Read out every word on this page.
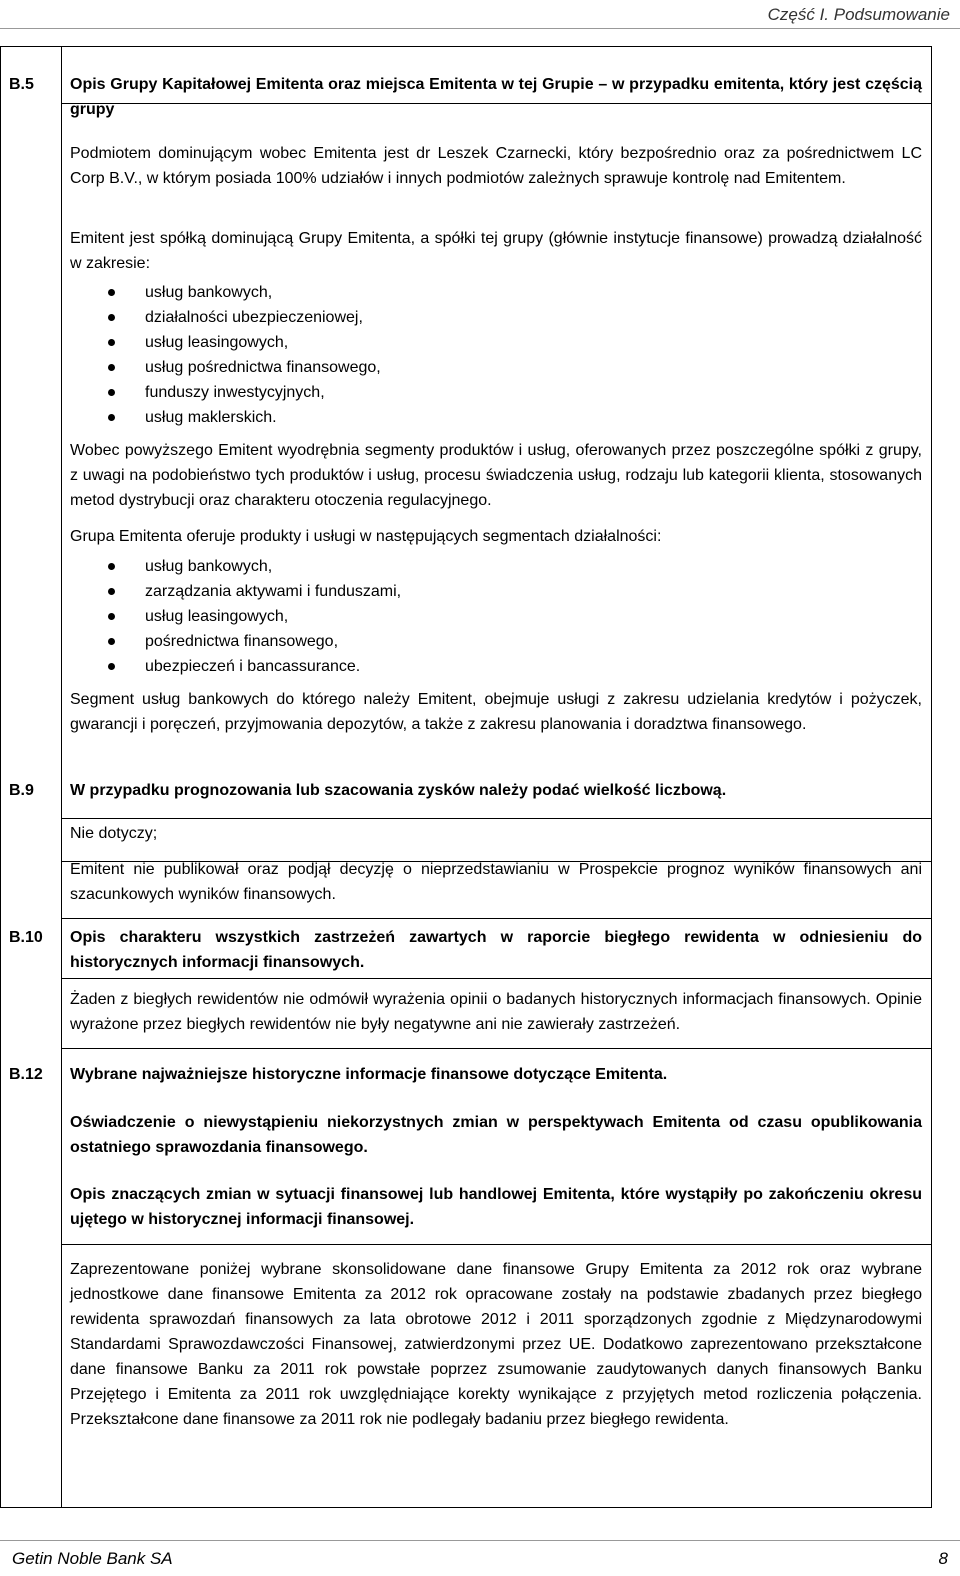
Część I. Podsumowanie
B.5 Opis Grupy Kapitałowej Emitenta oraz miejsca Emitenta w tej Grupie – w przypadku emitenta, który jest częścią grupy
Podmiotem dominującym wobec Emitenta jest dr Leszek Czarnecki, który bezpośrednio oraz za pośrednictwem LC Corp B.V., w którym posiada 100% udziałów i innych podmiotów zależnych sprawuje kontrolę nad Emitentem.
Emitent jest spółką dominującą Grupy Emitenta, a spółki tej grupy (głównie instytucje finansowe) prowadzą działalność w zakresie:
usług bankowych,
działalności ubezpieczeniowej,
usług leasingowych,
usług pośrednictwa finansowego,
funduszy inwestycyjnych,
usług maklerskich.
Wobec powyższego Emitent wyodrębnia segmenty produktów i usług, oferowanych przez poszczególne spółki z grupy, z uwagi na podobieństwo tych produktów i usług, procesu świadczenia usług, rodzaju lub kategorii klienta, stosowanych metod dystrybucji oraz charakteru otoczenia regulacyjnego.
Grupa Emitenta oferuje produkty i usługi w następujących segmentach działalności:
usług bankowych,
zarządzania aktywami i funduszami,
usług leasingowych,
pośrednictwa finansowego,
ubezpieczeń i bancassurance.
Segment usług bankowych do którego należy Emitent, obejmuje usługi z zakresu udzielania kredytów i pożyczek, gwarancji i poręczeń, przyjmowania depozytów, a także z zakresu planowania i doradztwa finansowego.
B.9 W przypadku prognozowania lub szacowania zysków należy podać wielkość liczbową.
Nie dotyczy;
Emitent nie publikował oraz podjął decyzję o nieprzedstawianiu w Prospekcie prognoz wyników finansowych ani szacunkowych wyników finansowych.
B.10 Opis charakteru wszystkich zastrzeżeń zawartych w raporcie biegłego rewidenta w odniesieniu do historycznych informacji finansowych.
Żaden z biegłych rewidentów nie odmówił wyrażenia opinii o badanych historycznych informacjach finansowych. Opinie wyrażone przez biegłych rewidentów nie były negatywne ani nie zawierały zastrzeżeń.
B.12 Wybrane najważniejsze historyczne informacje finansowe dotyczące Emitenta.
Oświadczenie o niewystąpieniu niekorzystnych zmian w perspektywach Emitenta od czasu opublikowania ostatniego sprawozdania finansowego.
Opis znaczących zmian w sytuacji finansowej lub handlowej Emitenta, które wystąpiły po zakończeniu okresu ujętego w historycznej informacji finansowej.
Zaprezentowane poniżej wybrane skonsolidowane dane finansowe Grupy Emitenta za 2012 rok oraz wybrane jednostkowe dane finansowe Emitenta za 2012 rok opracowane zostały na podstawie zbadanych przez biegłego rewidenta sprawozdań finansowych za lata obrotowe 2012 i 2011 sporządzonych zgodnie z Międzynarodowymi Standardami Sprawozdawczości Finansowej, zatwierdzonymi przez UE. Dodatkowo zaprezentowano przekształcone dane finansowe Banku za 2011 rok powstałe poprzez zsumowanie zaudytowanych danych finansowych Banku Przejętego i Emitenta za 2011 rok uwzględniające korekty wynikające z przyjętych metod rozliczenia połączenia. Przekształcone dane finansowe za 2011 rok nie podlegały badaniu przez biegłego rewidenta.
Getin Noble Bank SA	8
